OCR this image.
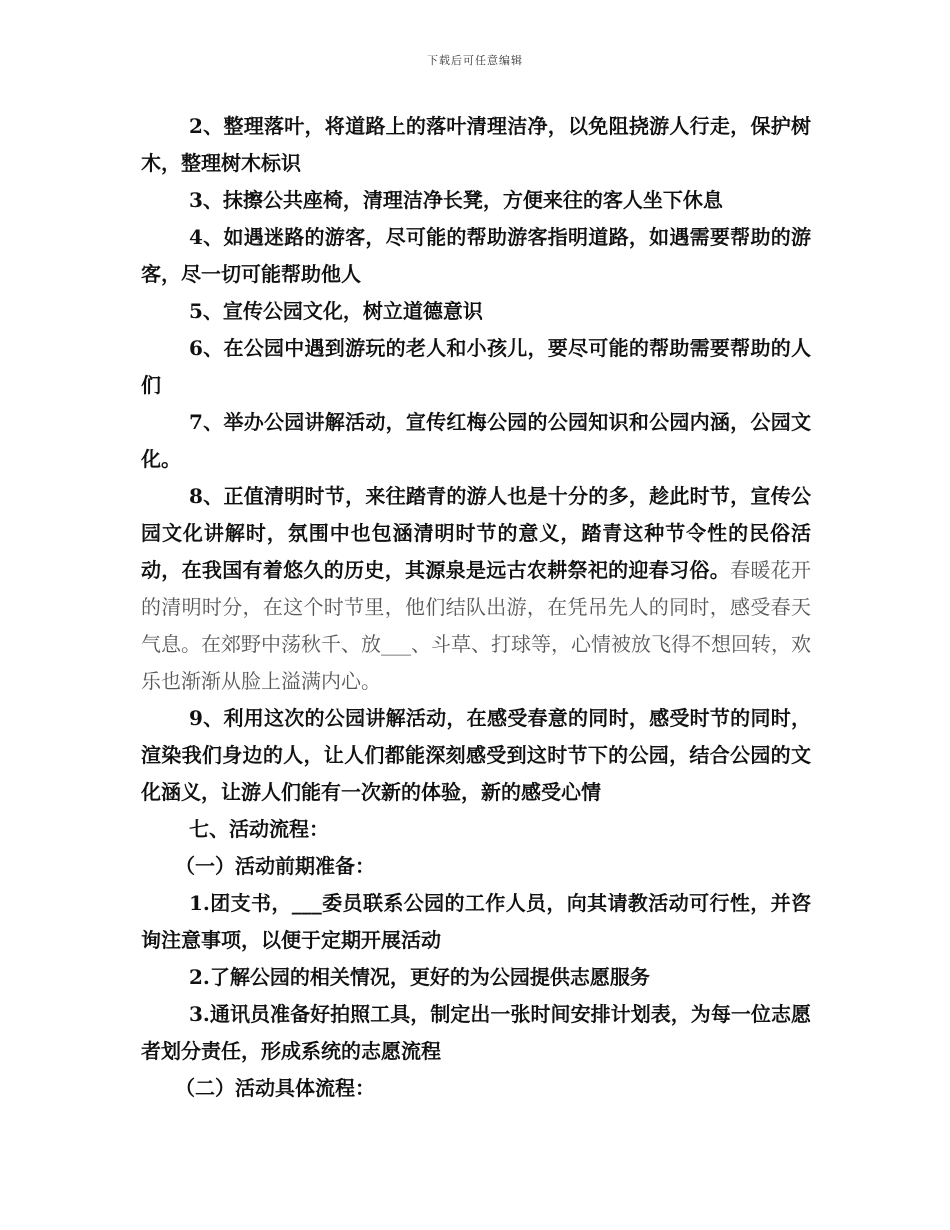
下载后可任意编辑

2、整理落叶，将道路上的落叶清理洁净，以免阻挠游人行走，保护树木，整理树木标识

3、抹擦公共座椅，清理洁净长凳，方便来往的客人坐下休息

4、如遇迷路的游客，尽可能的帮助游客指明道路，如遇需要帮助的游客，尽一切可能帮助他人

5、宣传公园文化，树立道德意识

6、在公园中遇到游玩的老人和小孩儿，要尽可能的帮助需要帮助的人们

7、举办公园讲解活动，宣传红梅公园的公园知识和公园内涵，公园文化。

8、正值清明时节，来往踏青的游人也是十分的多，趁此时节，宣传公园文化讲解时，氛围中也包涵清明时节的意义，踏青这种节令性的民俗活动，在我国有着悠久的历史，其源泉是远古农耕祭祀的迎春习俗。春暖花开的清明时分，在这个时节里，他们结队出游，在凭吊先人的同时，感受春天气息。在郊野中荡秋千、放___、斗草、打球等，心情被放飞得不想回转，欢乐也渐渐从脸上溢满内心。

9、利用这次的公园讲解活动，在感受春意的同时，感受时节的同时，渲染我们身边的人，让人们都能深刻感受到这时节下的公园，结合公园的文化涵义，让游人们能有一次新的体验，新的感受心情

七、活动流程：

（一）活动前期准备：

1.团支书，___委员联系公园的工作人员，向其请教活动可行性，并咨询注意事项，以便于定期开展活动

2.了解公园的相关情况，更好的为公园提供志愿服务

3.通讯员准备好拍照工具，制定出一张时间安排计划表，为每一位志愿者划分责任，形成系统的志愿流程

（二）活动具体流程：
